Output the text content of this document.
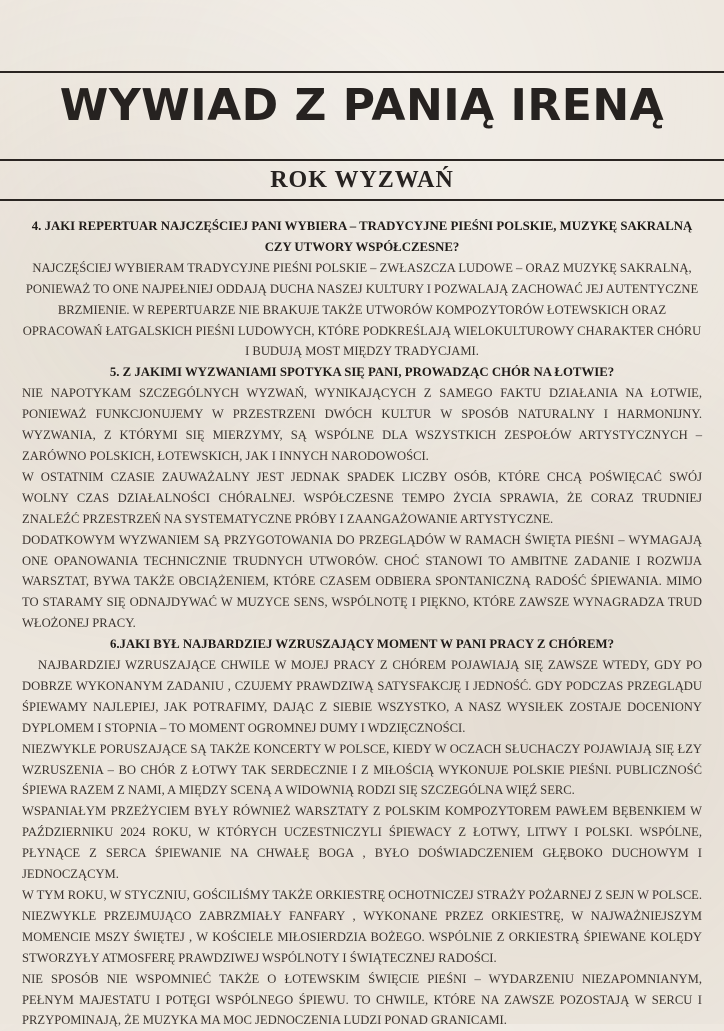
WYWIAD Z PANIĄ IRENĄ
ROK WYZWAŃ

4. JAKI REPERTUAR NAJCZĘŚCIEJ PANI WYBIERA – TRADYCYJNE PIEŚNI POLSKIE, MUZYKĘ SAKRALNĄ CZY UTWORY WSPÓŁCZESNE?

NAJCZĘŚCIEJ WYBIERAM TRADYCYJNE PIEŚNI POLSKIE – ZWŁASZCZA LUDOWE – ORAZ MUZYKĘ SAKRALNĄ, PONIEWAŻ TO ONE NAJPEŁNIEJ ODDAJĄ DUCHA NASZEJ KULTURY I POZWALAJĄ ZACHOWAĆ JEJ AUTENTYCZNE BRZMIENIE. W REPERTUARZE NIE BRAKUJE TAKŻE UTWORÓW KOMPOZYTORÓW ŁOTEWSKICH ORAZ OPRACOWAŃ ŁATGALSKICH PIEŚNI LUDOWYCH, KTÓRE PODKREŚLAJĄ WIELOKULTUROWY CHARAKTER CHÓRU I BUDUJĄ MOST MIĘDZY TRADYCJAMI.

5. Z JAKIMI WYZWANIAMI SPOTYKA SIĘ PANI, PROWADZĄC CHÓR NA ŁOTWIE?

NIE NAPOTYKAM SZCZEGÓLNYCH WYZWAŃ, WYNIKAJĄCYCH Z SAMEGO FAKTU DZIAŁANIA NA ŁOTWIE, PONIEWAŻ FUNKCJONUJEMY W PRZESTRZENI DWÓCH KULTUR W SPOSÓB NATURALNY I HARMONIJNY. WYZWANIA, Z KTÓRYMI SIĘ MIERZYMY, SĄ WSPÓLNE DLA WSZYSTKICH ZESPOŁÓW ARTYSTYCZNYCH – ZARÓWNO POLSKICH, ŁOTEWSKICH, JAK I INNYCH NARODOWOŚCI.

W OSTATNIM CZASIE ZAUWAŻALNY JEST JEDNAK SPADEK LICZBY OSÓB, KTÓRE CHCĄ POŚWIĘCAĆ SWÓJ WOLNY CZAS DZIAŁALNOŚCI CHÓRALNEJ. WSPÓŁCZESNE TEMPO ŻYCIA SPRAWIA, ŻE CORAZ TRUDNIEJ ZNALEŹĆ PRZESTRZEŃ NA SYSTEMATYCZNE PRÓBY I ZAANGAŻOWANIE ARTYSTYCZNE.

DODATKOWYM WYZWANIEM SĄ PRZYGOTOWANIA DO PRZEGLĄDÓW W RAMACH ŚWIĘTA PIEŚNI – WYMAGAJĄ ONE OPANOWANIA TECHNICZNIE TRUDNYCH UTWORÓW. CHOĆ STANOWI TO AMBITNE ZADANIE I ROZWIJA WARSZTAT, BYWA TAKŻE OBCIĄŻENIEM, KTÓRE CZASEM ODBIERA SPONTANICZNĄ RADOŚĆ ŚPIEWANIA. MIMO TO STARAMY SIĘ ODNAJDYWAĆ W MUZYCE SENS, WSPÓLNOTĘ I PIĘKNO, KTÓRE ZAWSZE WYNAGRADZA TRUD WŁOŻONEJ PRACY.

6.JAKI BYŁ NAJBARDZIEJ WZRUSZAJĄCY MOMENT W PANI PRACY Z CHÓREM?

NAJBARDZIEJ WZRUSZAJĄCE CHWILE W MOJEJ PRACY Z CHÓREM POJAWIAJĄ SIĘ ZAWSZE WTEDY, GDY PO DOBRZE WYKONANYM ZADANIU , CZUJEMY PRAWDZIWĄ SATYSFAKCJĘ I JEDNOŚĆ. GDY PODCZAS PRZEGLĄDU ŚPIEWAMY NAJLEPIEJ, JAK POTRAFIMY, DAJĄC Z SIEBIE WSZYSTKO, A NASZ WYSIŁEK ZOSTAJE DOCENIONY DYPLOMEM I STOPNIA – TO MOMENT OGROMNEJ DUMY I WDZIĘCZNOŚCI.

NIEZWYKLE PORUSZAJĄCE SĄ TAKŻE KONCERTY W POLSCE, KIEDY W OCZACH SŁUCHACZY POJAWIAJĄ SIĘ ŁZY WZRUSZENIA – BO CHÓR Z ŁOTWY TAK SERDECZNIE I Z MIŁOŚCIĄ WYKONUJE POLSKIE PIEŚNI. PUBLICZNOŚĆ ŚPIEWA RAZEM Z NAMI, A MIĘDZY SCENĄ A WIDOWNIĄ RODZI SIĘ SZCZEGÓLNA WIĘŹ SERC.

WSPANIAŁYM PRZEŻYCIEM BYŁY RÓWNIEŻ WARSZTATY Z POLSKIM KOMPOZYTOREM PAWŁEM BĘBENKIEM W PAŹDZIERNIKU 2024 ROKU, W KTÓRYCH UCZESTNICZYLI ŚPIEWACY Z ŁOTWY, LITWY I POLSKI. WSPÓLNE, PŁYNĄCE Z SERCA ŚPIEWANIE NA CHWAŁĘ BOGA , BYŁO DOŚWIADCZENIEM GŁĘBOKO DUCHOWYM I JEDNOCZĄCYM.

W TYM ROKU, W STYCZNIU, GOŚCILIŚMY TAKŻE ORKIESTRĘ OCHOTNICZEJ STRAŻY POŻARNEJ Z SEJN W POLSCE. NIEZWYKLE PRZEJMUJĄCO ZABRZMIAŁY FANFARY , WYKONANE PRZEZ ORKIESTRĘ, W NAJWAŻNIEJSZYM MOMENCIE MSZY ŚWIĘTEJ , W KOŚCIELE MIŁOSIERDZIA BOŻEGO. WSPÓLNIE Z ORKIESTRĄ ŚPIEWANE KOLĘDY STWORZYŁY ATMOSFERĘ PRAWDZIWEJ WSPÓLNOTY I ŚWIĄTECZNEJ RADOŚCI.

NIE SPOSÓB NIE WSPOMNIEĆ TAKŻE O ŁOTEWSKIM ŚWIĘCIE PIEŚNI – WYDARZENIU NIEZAPOMNIANYM, PEŁNYM MAJESTATU I POTĘGI WSPÓLNEGO ŚPIEWU. TO CHWILE, KTÓRE NA ZAWSZE POZOSTAJĄ W SERCU I PRZYPOMINAJĄ, ŻE MUZYKA MA MOC JEDNOCZENIA LUDZI PONAD GRANICAMI.
